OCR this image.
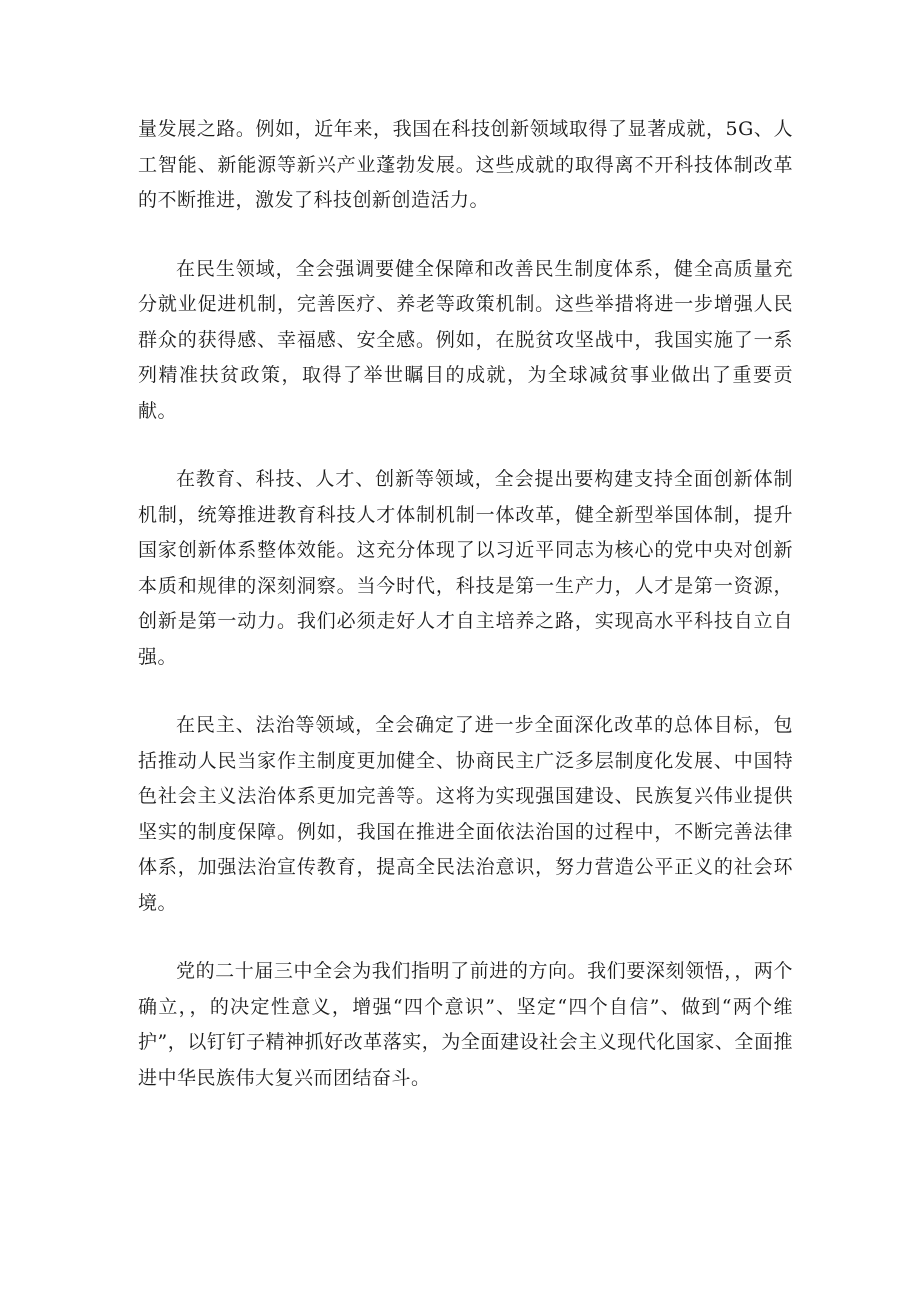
量发展之路。例如，近年来，我国在科技创新领域取得了显著成就，5G、人工智能、新能源等新兴产业蓬勃发展。这些成就的取得离不开科技体制改革的不断推进，激发了科技创新创造活力。

在民生领域，全会强调要健全保障和改善民生制度体系，健全高质量充分就业促进机制，完善医疗、养老等政策机制。这些举措将进一步增强人民群众的获得感、幸福感、安全感。例如，在脱贫攻坚战中，我国实施了一系列精准扶贫政策，取得了举世瞩目的成就，为全球减贫事业做出了重要贡献。

在教育、科技、人才、创新等领域，全会提出要构建支持全面创新体制机制，统筹推进教育科技人才体制机制一体改革，健全新型举国体制，提升国家创新体系整体效能。这充分体现了以习近平同志为核心的党中央对创新本质和规律的深刻洞察。当今时代，科技是第一生产力，人才是第一资源，创新是第一动力。我们必须走好人才自主培养之路，实现高水平科技自立自强。

在民主、法治等领域，全会确定了进一步全面深化改革的总体目标，包括推动人民当家作主制度更加健全、协商民主广泛多层制度化发展、中国特色社会主义法治体系更加完善等。这将为实现强国建设、民族复兴伟业提供坚实的制度保障。例如，我国在推进全面依法治国的过程中，不断完善法律体系，加强法治宣传教育，提高全民法治意识，努力营造公平正义的社会环境。

党的二十届三中全会为我们指明了前进的方向。我们要深刻领悟，，两个确立，，的决定性意义，增强“四个意识”、坚定“四个自信”、做到“两个维护”，以钉钉子精神抓好改革落实，为全面建设社会主义现代化国家、全面推进中华民族伟大复兴而团结奋斗。
